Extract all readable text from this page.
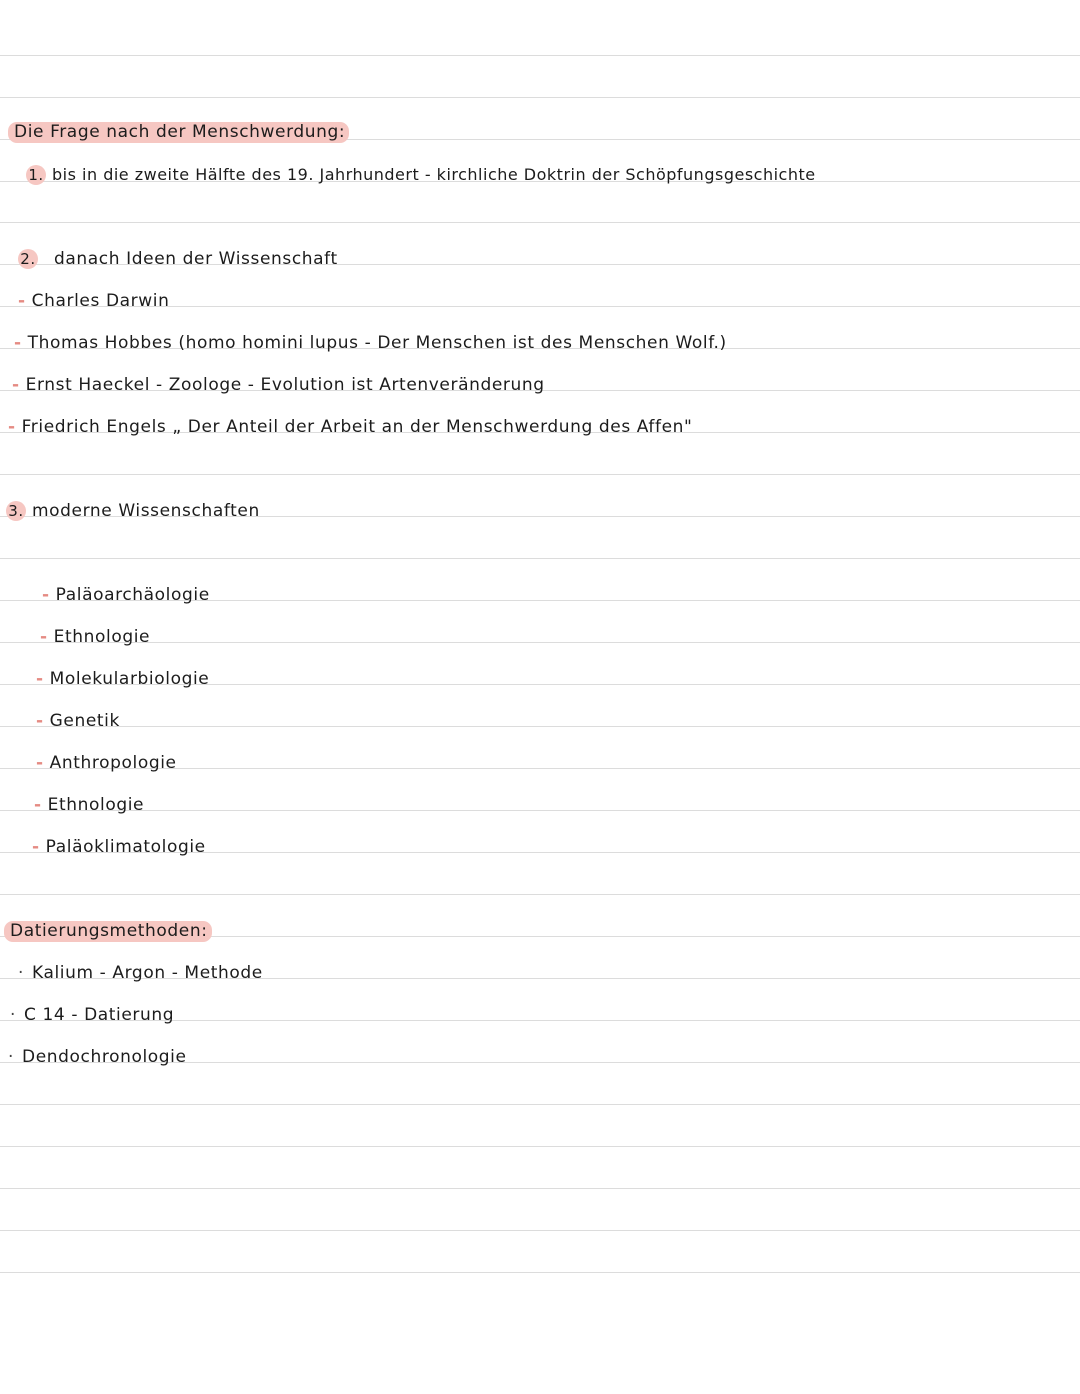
Die Frage nach der Menschwerdung:
1. bis in die zweite Hälfte des 19. Jahrhundert - kirchliche Doktrin der Schöpfungsgeschichte
2. danach Ideen der Wissenschaft
- Charles Darwin
- Thomas Hobbes (homo homini lupus - Der Menschen ist des Menschen Wolf.)
- Ernst Haeckel - Zoologe - Evolution ist Artenveränderung
- Friedrich Engels „ Der Anteil der Arbeit an der Menschwerdung des Affen"
3. moderne Wissenschaften
- Paläoarchäologie
- Ethnologie
- Molekularbiologie
- Genetik
- Anthropologie
- Ethnologie
- Paläoklimatologie
Datierungsmethoden:
· Kalium - Argon - Methode
· C 14 - Datierung
· Dendochronologie
